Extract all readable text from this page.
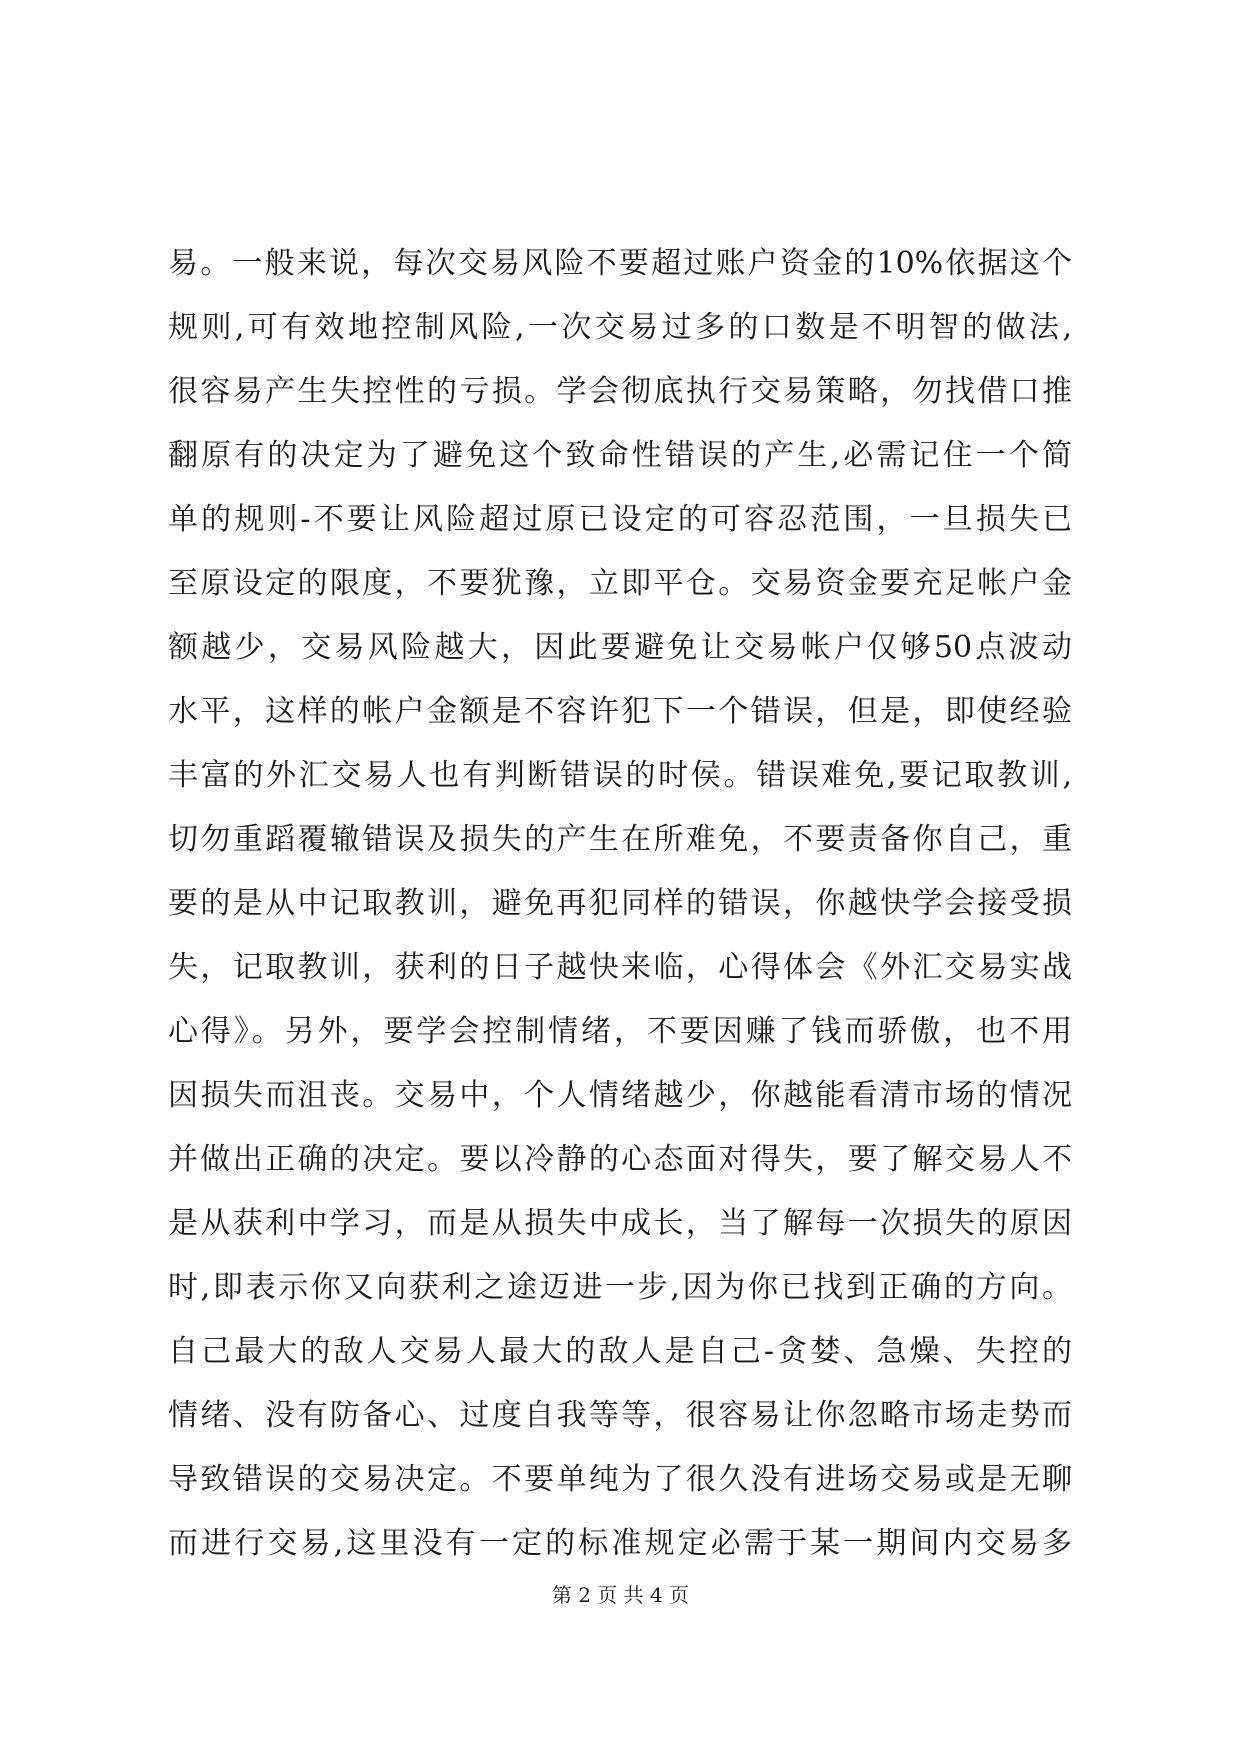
易。一般来说，每次交易风险不要超过账户资金的10%依据这个
规则,可有效地控制风险,一次交易过多的口数是不明智的做法,
很容易产生失控性的亏损。学会彻底执行交易策略，勿找借口推
翻原有的决定为了避免这个致命性错误的产生,必需记住一个简
单的规则-不要让风险超过原已设定的可容忍范围，一旦损失已
至原设定的限度，不要犹豫，立即平仓。交易资金要充足帐户金
额越少，交易风险越大，因此要避免让交易帐户仅够50点波动
水平，这样的帐户金额是不容许犯下一个错误，但是，即使经验
丰富的外汇交易人也有判断错误的时侯。错误难免,要记取教训,
切勿重蹈覆辙错误及损失的产生在所难免，不要责备你自己，重
要的是从中记取教训，避免再犯同样的错误，你越快学会接受损
失，记取教训，获利的日子越快来临，心得体会《外汇交易实战
心得》。另外，要学会控制情绪，不要因赚了钱而骄傲，也不用
因损失而沮丧。交易中，个人情绪越少，你越能看清市场的情况
并做出正确的决定。要以冷静的心态面对得失，要了解交易人不
是从获利中学习，而是从损失中成长，当了解每一次损失的原因
时,即表示你又向获利之途迈进一步,因为你已找到正确的方向。
自己最大的敌人交易人最大的敌人是自己-贪婪、急燥、失控的
情绪、没有防备心、过度自我等等，很容易让你忽略市场走势而
导致错误的交易决定。不要单纯为了很久没有进场交易或是无聊
而进行交易,这里没有一定的标准规定必需于某一期间内交易多
第 2 页 共 4 页
